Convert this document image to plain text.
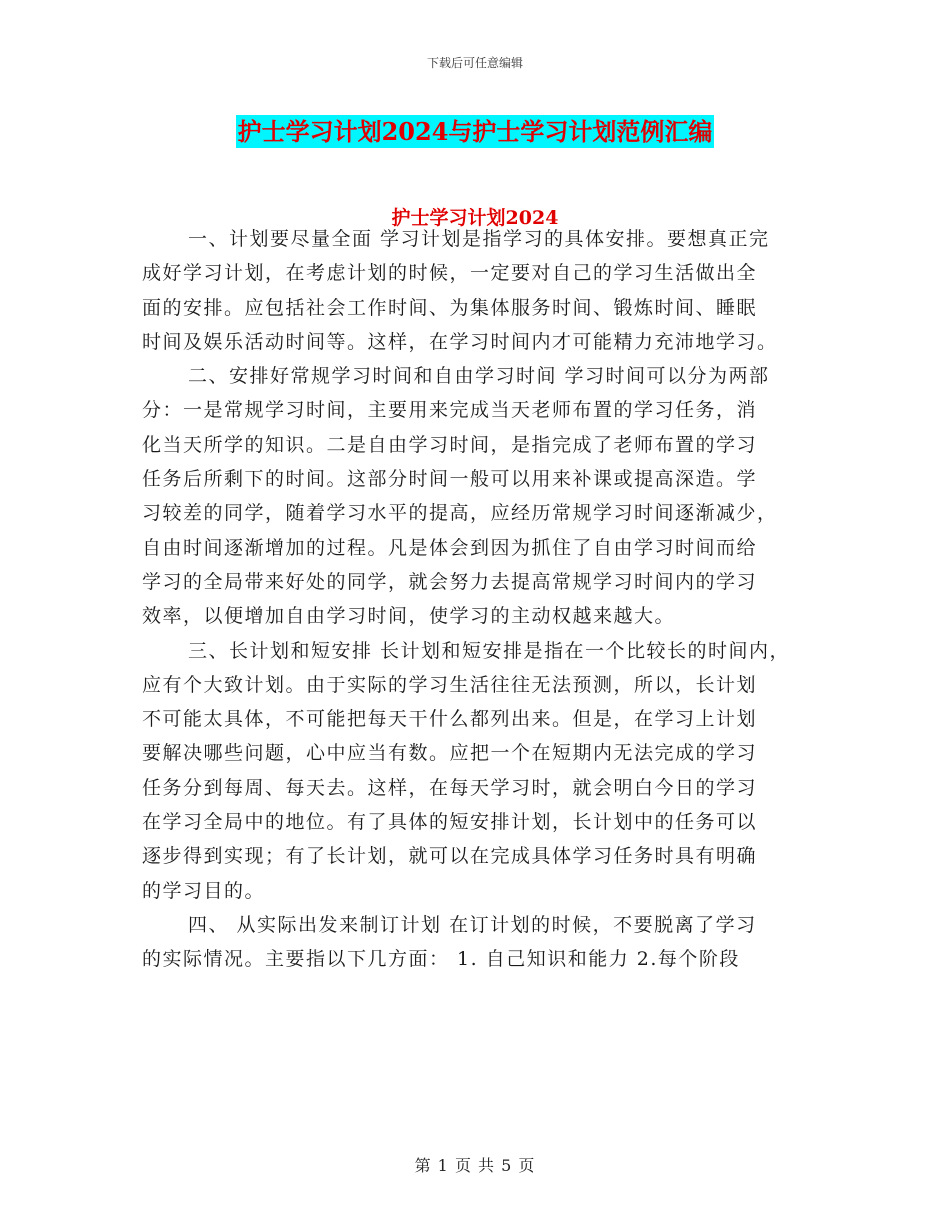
下载后可任意编辑
护士学习计划2024与护士学习计划范例汇编
护士学习计划2024
一、计划要尽量全面 学习计划是指学习的具体安排。要想真正完
成好学习计划，在考虑计划的时候，一定要对自己的学习生活做出全
面的安排。应包括社会工作时间、为集体服务时间、锻炼时间、睡眠
时间及娱乐活动时间等。这样，在学习时间内才可能精力充沛地学习。
二、安排好常规学习时间和自由学习时间 学习时间可以分为两部
分：一是常规学习时间，主要用来完成当天老师布置的学习任务，消
化当天所学的知识。二是自由学习时间，是指完成了老师布置的学习
任务后所剩下的时间。这部分时间一般可以用来补课或提高深造。学
习较差的同学，随着学习水平的提高，应经历常规学习时间逐渐减少，
自由时间逐渐增加的过程。凡是体会到因为抓住了自由学习时间而给
学习的全局带来好处的同学，就会努力去提高常规学习时间内的学习
效率，以便增加自由学习时间，使学习的主动权越来越大。
三、长计划和短安排 长计划和短安排是指在一个比较长的时间内，
应有个大致计划。由于实际的学习生活往往无法预测，所以，长计划
不可能太具体，不可能把每天干什么都列出来。但是，在学习上计划
要解决哪些问题，心中应当有数。应把一个在短期内无法完成的学习
任务分到每周、每天去。这样，在每天学习时，就会明白今日的学习
在学习全局中的地位。有了具体的短安排计划，长计划中的任务可以
逐步得到实现；有了长计划，就可以在完成具体学习任务时具有明确
的学习目的。
四、 从实际出发来制订计划 在订计划的时候，不要脱离了学习
的实际情况。主要指以下几方面： 1. 自己知识和能力 2.每个阶段
第 1 页 共 5 页
